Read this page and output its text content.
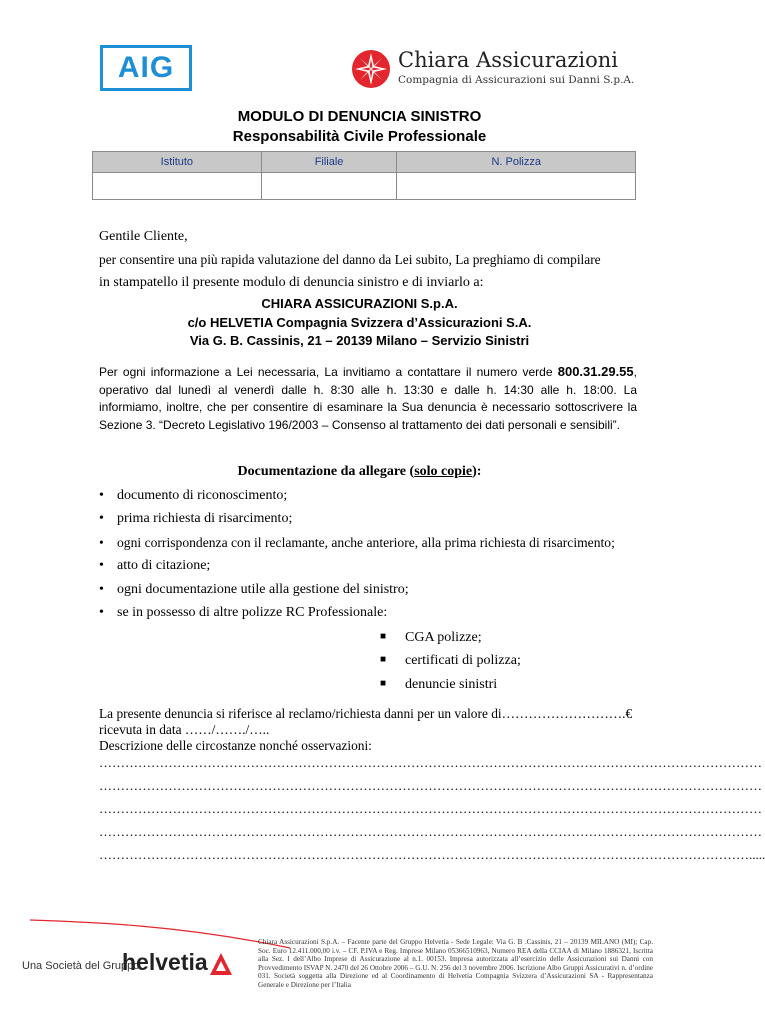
AIG	Chiara Assicurazioni
Compagnia di Assicurazioni sui Danni S.p.A.
MODULO DI DENUNCIA SINISTRO
Responsabilità Civile Professionale
Istituto	Filiale	N. Polizza

Gentile Cliente,
per consentire una più rapida valutazione del danno da Lei subito, La preghiamo di compilare
in stampatello il presente modulo di denuncia sinistro e di inviarlo a:
CHIARA ASSICURAZIONI S.p.A.
c/o HELVETIA Compagnia Svizzera d’Assicurazioni S.A.
Via G. B. Cassinis, 21 – 20139 Milano – Servizio Sinistri
Per ogni informazione a Lei necessaria, La invitiamo a contattare il numero verde 800.31.29.55, operativo dal lunedì al venerdì dalle h. 8:30 alle h. 13:30 e dalle h. 14:30 alle h. 18:00. La informiamo, inoltre, che per consentire di esaminare la Sua denuncia è necessario sottoscrivere la Sezione 3. “Decreto Legislativo 196/2003 – Consenso al trattamento dei dati personali e sensibili”.
Documentazione da allegare (solo copie):
• documento di riconoscimento;
• prima richiesta di risarcimento;
• ogni corrispondenza con il reclamante, anche anteriore, alla prima richiesta di risarcimento;
• atto di citazione;
• ogni documentazione utile alla gestione del sinistro;
• se in possesso di altre polizze RC Professionale:
■ CGA polizze;
■ certificati di polizza;
■ denuncie sinistri
La presente denuncia si riferisce al reclamo/richiesta danni per un valore di……………………….€
ricevuta in data ……/……./…..
Descrizione delle circostanze nonché osservazioni:
………………………………………………………………………………………………………………………………………
………………………………………………………………………………………………………………………………………
………………………………………………………………………………………………………………………………………
………………………………………………………………………………………………………………………………………
…………………………………………………………………………………………………………………………………….....
Una Società del Gruppo
helvetia
Chiara Assicurazioni S.p.A. – Facente parte del Gruppo Helvetia - Sede Legale: Via G. B .Cassinis, 21 – 20139 MILANO (MI); Cap. Soc. Euro 12.411.000,00 i.v. – CF. P.IVA e Reg. Imprese Milano 05366510963, Numero REA della CCIAA di Milano 1886321, Iscritta alla Sez. I dell’Albo Imprese di Assicurazione al n.1. 00153. Impresa autorizzata all’esercizio delle Assicurazioni sui Danni con Provvedimento ISVAP N. 2470 del 26 Ottobre 2006 – G.U. N. 256 del 3 novembre 2006. Iscrizione Albo Gruppi Assicurativi n. d’ordine 031. Società soggetta alla Direzione ed al Coordinamento di Helvetia Compagnia Svizzera d’Assicurazioni SA - Rappresentanza Generale e Direzione per l’Italia
